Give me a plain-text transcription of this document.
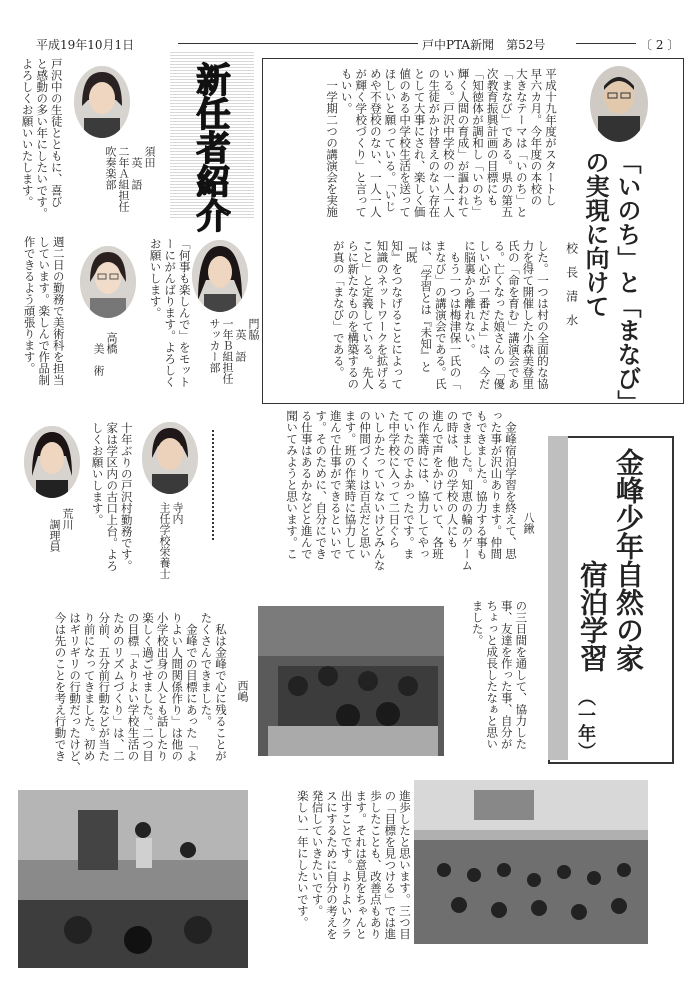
平成19年10月1日	戸中PTA新聞　第52号	〔 2 〕
「いのち」と「まなび」
の実現に向けて
校　長　清　水
平成十九年度がスタートし
早六カ月。今年度の本校の
大きなテーマは「いのち」と
「まなび」である。県の第五
次教育振興計画の目標にも
「知徳体が調和し「いのち」
輝く人間の育成」が謳われて
いる。戸沢中学校の一人一人
の生徒がかけ替えのない存在
として大事にされ、楽しく価
値のある中学校生活を送って
ほしいと願っている。「いじ
めや不登校のない、一人一人
が輝く学校づくり」と言って
もいい。
　一学期二つの講演会を実施
した。一つは村の全面的な協
力を得て開催した小森美登里
氏の「命を育む」講演会であ
る。亡くなった娘さんの「優
しい心が一番だよ」は、今だ
に脳裏から離れない。
　もう一つは梅津保一氏の「
まなび」の講演会である。氏
は、「学習とは『未知』と『既
知』をつなげることによって
知識のネットワークを拡げる
こと」と定義している。先人
らに新たなものを構築するの
が真の「まなび」である。
新任者紹介
須田
　英　語
二年Ａ組担任
吹奏楽部
戸沢中の生徒とともに、喜び
と感動の多い年にしたいです。
よろしくお願いいたします。
門脇
　英　語
一年Ｂ組担任
サッカー部
「何事も楽しんで」をモット
ーにがんばります。よろしく
お願いします。
高橋
　美　術
週二日の勤務で美術科を担当
しています。楽しんで作品制
作できるよう頑張ります。
寺内
主任学校栄養士
十年ぶりの戸沢村勤務です。
家は学区内の古口上台。よろ
しくお願いします。
荒川
　調理員	金峰少年自然の家
宿泊学習
（一年）
八鍬
　金峰宿泊学習を終えて、思
った事が沢山あります。仲間
もできました。協力する事も
できました。知恵の輪のゲーム
の時は、他の学校の人にも
進んで声をかけていて、各班
の作業時には、協力してやっ
ていたのでよかったです。ま
た中学校に入って二日ぐら
いしかたっていないけどみんな
の仲間づくりは百点だと思い
ます。班の作業時に協力して
進んで仕事ができるといいで
す。そのために、自分にでき
る仕事はあるかなどと進んで
聞いてみようと思います。こ
の三日間を通して、協力した
事、友達を作った事、自分が
ちょっと成長したなぁと思い
ました。
西嶋
　私は金峰で心に残ることが
たくさんできました。
　金峰での目標にあった「よ
りよい人間関係作り」は他の
小学校出身の人とも話したり
楽しく過ごせました。二つ目
の目標「よりよい学校生活の
ためのリズムづくり」は、二
分前、五分前行動などが当た
り前になってきました。初め
はギリギリの行動だったけど、
今は先のことを考え行動でき
進歩したと思います。三つ目
の「目標を見つける」では進
歩したことも、改善点もあり
ます。それは意見をちゃんと
出すことです。よりよいクラ
スにするために自分の考えを
発信していきたいです。
楽しい一年にしたいです。
